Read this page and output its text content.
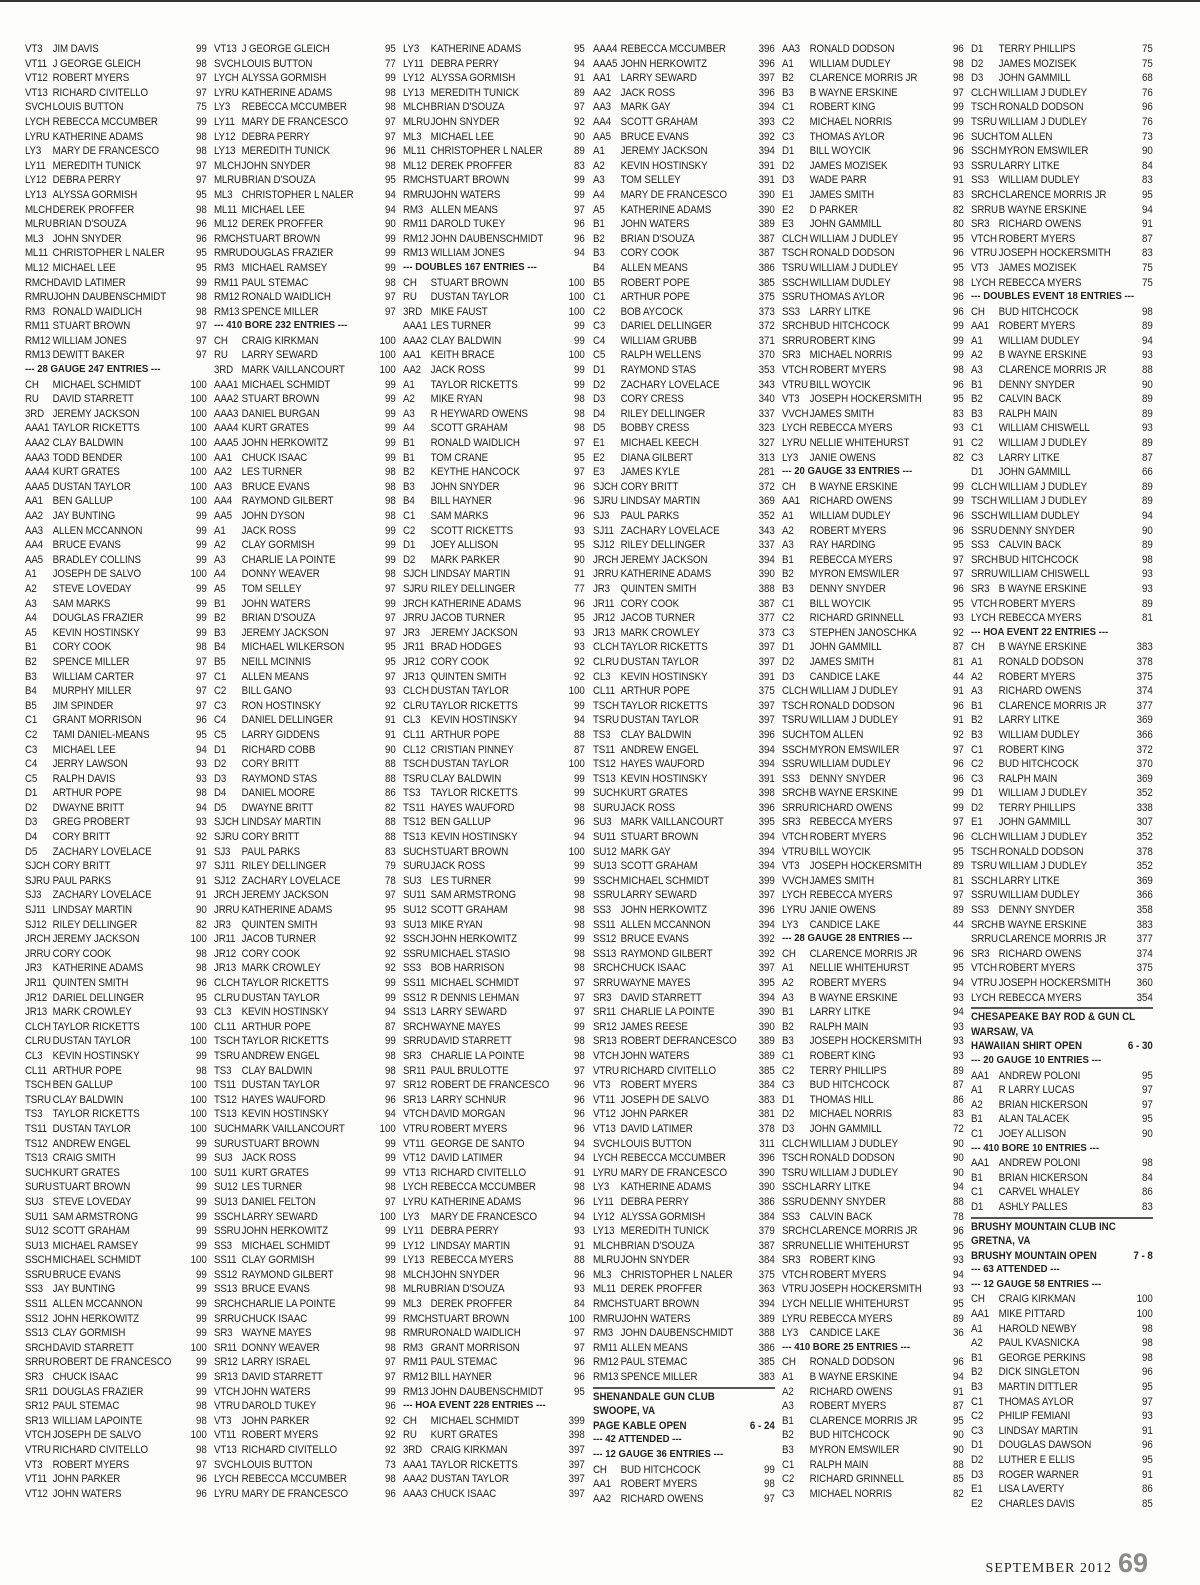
VT3 JIM DAVIS	99
VT11 J GEORGE GLEICH	98
VT12 ROBERT MYERS	97
VT13 RICHARD CIVITELLO	97
SVCH LOUIS BUTTON	75
LYCH REBECCA MCCUMBER	99
LYRU KATHERINE ADAMS	98
LY3	MARY DE FRANCESCO	98
LY11 MEREDITH TUNICK	97
LY12 DEBRA PERRY	97
LY13 ALYSSA GORMISH	95
MLCH DEREK PROFFER	98
MLRU BRIAN D'SOUZA	96
ML3 JOHN SNYDER	96
ML11 CHRISTOPHER L NALER	95
ML12 MICHAEL LEE	95
RMCH DAVID LATIMER	99
RMRU JOHN DAUBENSCHMIDT	98
RM3 RONALD WAIDLICH	98
RM11 STUART BROWN	97
RM12 WILLIAM JONES	97
RM13 DEWITT BAKER	97
--- 28 GAUGE 247 ENTRIES ---
CH	MICHAEL SCHMIDT	100
RU	DAVID STARRETT	100
3RD JEREMY JACKSON	100
AAA1 TAYLOR RICKETTS	100
AAA2 CLAY BALDWIN	100
AAA3 TODD BENDER	100
AAA4 KURT GRATES	100
AAA5 DUSTAN TAYLOR	100
AA1 BEN GALLUP	100
AA2 JAY BUNTING	99
AA3 ALLEN MCCANNON	99
AA4 BRUCE EVANS	99
AA5 BRADLEY COLLINS	99
A1	JOSEPH DE SALVO	100
A2	STEVE LOVEDAY	99
A3	SAM MARKS	99
A4	DOUGLAS FRAZIER	99
A5	KEVIN HOSTINSKY	99
B1	CORY COOK	98
B2	SPENCE MILLER	97
B3	WILLIAM CARTER	97
B4	MURPHY MILLER	97
B5	JIM SPINDER	97
C1	GRANT MORRISON	96
C2	TAMI DANIEL-MEANS	95
C3	MICHAEL LEE	94
C4	JERRY LAWSON	93
C5	RALPH DAVIS	93
D1	ARTHUR POPE	98
D2	DWAYNE BRITT	94
D3	GREG PROBERT	93
D4	CORY BRITT	92
D5	ZACHARY LOVELACE	91
SJCH CORY BRITT	97
SJRU PAUL PARKS	91
SJ3	ZACHARY LOVELACE	91
SJ11 LINDSAY MARTIN	90
SJ12 RILEY DELLINGER	82
JRCH JEREMY JACKSON	100
JRRU CORY COOK	98
JR3	KATHERINE ADAMS	98
JR11 QUINTEN SMITH	96
JR12 DARIEL DELLINGER	95
JR13 MARK CROWLEY	93
CLCH TAYLOR RICKETTS	100
CLRU DUSTAN TAYLOR	100
CL3 KEVIN HOSTINSKY	99
CL11 ARTHUR POPE	98
TSCH BEN GALLUP	100
TSRU CLAY BALDWIN	100
TS3 TAYLOR RICKETTS	100
TS11 DUSTAN TAYLOR	100
TS12 ANDREW ENGEL	99
TS13 CRAIG SMITH	99
SUCH KURT GRATES	100
SURU STUART BROWN	99
SU3 STEVE LOVEDAY	99
SU11 SAM ARMSTRONG	99
SU12 SCOTT GRAHAM	99
SU13 MICHAEL RAMSEY	99
SSCH MICHAEL SCHMIDT	100
SSRU BRUCE EVANS	99
SS3 JAY BUNTING	99
SS11 ALLEN MCCANNON	99
SS12 JOHN HERKOWITZ	99
SS13 CLAY GORMISH	99
SRCH DAVID STARRETT	100
SRRU ROBERT DE FRANCESCO	99
SR3 CHUCK ISAAC	99
SR11 DOUGLAS FRAZIER	99
SR12 PAUL STEMAC	98
SR13 WILLIAM LAPOINTE	98
VTCH JOSEPH DE SALVO	100
VTRU RICHARD CIVITELLO	98
VT3 ROBERT MYERS	97
VT11 JOHN PARKER	96
VT12 JOHN WATERS	96
VT13 J GEORGE GLEICH	95
SVCH LOUIS BUTTON	77
LYCH ALYSSA GORMISH	99
LYRU KATHERINE ADAMS	98
LY3	REBECCA MCCUMBER	98
LY11 MARY DE FRANCESCO	97
LY12 DEBRA PERRY	97
LY13 MEREDITH TUNICK	96
MLCH JOHN SNYDER	98
MLRU BRIAN D'SOUZA	95
ML3 CHRISTOPHER L NALER	94
ML11 MICHAEL LEE	94
ML12 DEREK PROFFER	90
RMCH STUART BROWN	99
RMRU DOUGLAS FRAZIER	99
RM3 MICHAEL RAMSEY	99
RM11 PAUL STEMAC	98
RM12 RONALD WAIDLICH	97
RM13 SPENCE MILLER	97
--- 410 BORE 232 ENTRIES ---
CH	CRAIG KIRKMAN	100
RU	LARRY SEWARD	100
3RD MARK VAILLANCOURT	100
AAA1 MICHAEL SCHMIDT	99
AAA2 STUART BROWN	99
AAA3 DANIEL BURGAN	99
AAA4 KURT GRATES	99
AAA5 JOHN HERKOWITZ	99
AA1 CHUCK ISAAC	99
AA2 LES TURNER	98
AA3 BRUCE EVANS	98
AA4 RAYMOND GILBERT	98
AA5 JOHN DYSON	98
A1	JACK ROSS	99
A2	CLAY GORMISH	99
A3	CHARLIE LA POINTE	99
A4	DONNY WEAVER	98
A5	TOM SELLEY	97
B1	JOHN WATERS	99
B2	BRIAN D'SOUZA	97
B3	JEREMY JACKSON	97
B4	MICHAEL WILKERSON	95
B5	NEILL MCINNIS	95
C1	ALLEN MEANS	97
C2	BILL GANO	93
C3	RON HOSTINSKY	92
C4	DANIEL DELLINGER	91
C5	LARRY GIDDENS	91
D1	RICHARD COBB	90
D2	CORY BRITT	88
D3	RAYMOND STAS	88
D4	DANIEL MOORE	86
D5	DWAYNE BRITT	82
SJCH LINDSAY MARTIN	88
SJRU CORY BRITT	88
SJ3	PAUL PARKS	83
SJ11 RILEY DELLINGER	79
SJ12 ZACHARY LOVELACE	78
JRCH JEREMY JACKSON	97
JRRU KATHERINE ADAMS	95
JR3	QUINTEN SMITH	93
JR11 JACOB TURNER	92
JR12 CORY COOK	92
JR13 MARK CROWLEY	92
CLCH TAYLOR RICKETTS	99
CLRU DUSTAN TAYLOR	99
CL3 KEVIN HOSTINSKY	94
CL11 ARTHUR POPE	87
TSCH TAYLOR RICKETTS	99
TSRU ANDREW ENGEL	98
TS3 CLAY BALDWIN	98
TS11 DUSTAN TAYLOR	97
TS12 HAYES WAUFORD	96
TS13 KEVIN HOSTINSKY	94
SUCH MARK VAILLANCOURT	100
SURU STUART BROWN	99
SU3 JACK ROSS	99
SU11 KURT GRATES	99
SU12 LES TURNER	98
SU13 DANIEL FELTON	97
SSCH LARRY SEWARD	100
SSRU JOHN HERKOWITZ	99
SS3 MICHAEL SCHMIDT	99
SS11 CLAY GORMISH	99
SS12 RAYMOND GILBERT	98
SS13 BRUCE EVANS	98
SRCH CHARLIE LA POINTE	99
SRRU CHUCK ISAAC	99
SR3 WAYNE MAYES	98
SR11 DONNY WEAVER	98
SR12 LARRY ISRAEL	97
SR13 DAVID STARRETT	97
VTCH JOHN WATERS	99
VTRU DAROLD TUKEY	96
VT3 JOHN PARKER	92
VT11 ROBERT MYERS	92
VT13 RICHARD CIVITELLO	92
SVCH LOUIS BUTTON	73
LYCH REBECCA MCCUMBER	98
LYRU MARY DE FRANCESCO	96
LY3	KATHERINE ADAMS	95
LY11 DEBRA PERRY	94
LY12 ALYSSA GORMISH	91
LY13 MEREDITH TUNICK	89
MLCH BRIAN D'SOUZA	97
MLRU JOHN SNYDER	92
ML3 MICHAEL LEE	90
ML11 CHRISTOPHER L NALER	89
ML12 DEREK PROFFER	83
RMCH STUART BROWN	99
RMRU JOHN WATERS	99
RM3 ALLEN MEANS	97
RM11 DAROLD TUKEY	96
RM12 JOHN DAUBENSCHMIDT	96
RM13 WILLIAM JONES	94
--- DOUBLES 167 ENTRIES ---
CH	STUART BROWN	100
RU	DUSTAN TAYLOR	100
3RD MIKE FAUST	100
AAA1 LES TURNER	99
AAA2 CLAY BALDWIN	99
AA1 KEITH BRACE	100
AA2 JACK ROSS	99
A1	TAYLOR RICKETTS	99
A2	MIKE RYAN	98
A3	R HEYWARD OWENS	98
A4	SCOTT GRAHAM	98
B1	RONALD WAIDLICH	97
B1	TOM CRANE	95
B2	KEYTHE HANCOCK	97
B3	JOHN SNYDER	96
B4	BILL HAYNER	96
C1	SAM MARKS	96
C2	SCOTT RICKETTS	93
D1	JOEY ALLISON	95
D2	MARK PARKER	90
SJCH LINDSAY MARTIN	91
SJRU RILEY DELLINGER	77
JRCH KATHERINE ADAMS	96
JRRU JACOB TURNER	95
JR3	JEREMY JACKSON	93
JR11 BRAD HODGES	93
JR12 CORY COOK	92
JR13 QUINTEN SMITH	92
CLCH DUSTAN TAYLOR	100
CLRU TAYLOR RICKETTS	99
CL3 KEVIN HOSTINSKY	94
CL11 ARTHUR POPE	88
CL12 CRISTIAN PINNEY	87
TSCH DUSTAN TAYLOR	100
TSRU CLAY BALDWIN	99
TS3 TAYLOR RICKETTS	99
TS11 HAYES WAUFORD	98
TS12 BEN GALLUP	96
TS13 KEVIN HOSTINSKY	94
SUCH STUART BROWN	100
SURU JACK ROSS	99
SU3 LES TURNER	99
SU11 SAM ARMSTRONG	98
SU12 SCOTT GRAHAM	98
SU13 MIKE RYAN	98
SSCH JOHN HERKOWITZ	99
SSRU MICHAEL STASIO	98
SS3 BOB HARRISON	98
SS11 MICHAEL SCHMIDT	97
SS12 R DENNIS LEHMAN	97
SS13 LARRY SEWARD	97
SRCH WAYNE MAYES	99
SRRU DAVID STARRETT	98
SR3 CHARLIE LA POINTE	98
SR11 PAUL BRULOTTE	97
SR12 ROBERT DE FRANCESCO	96
SR13 LARRY SCHNUR	96
VTCH DAVID MORGAN	96
VTRU ROBERT MYERS	96
VT11 GEORGE DE SANTO	94
VT12 DAVID LATIMER	94
VT13 RICHARD CIVITELLO	91
LYCH REBECCA MCCUMBER	98
LYRU KATHERINE ADAMS	96
LY3	MARY DE FRANCESCO	94
LY11 DEBRA PERRY	93
LY12 LINDSAY MARTIN	91
LY13 REBECCA MYERS	88
MLCH JOHN SNYDER	96
MLRU BRIAN D'SOUZA	93
ML3 DEREK PROFFER	84
RMCH STUART BROWN	100
RMRU RONALD WAIDLICH	97
RM3 GRANT MORRISON	97
RM11 PAUL STEMAC	96
RM12 BILL HAYNER	96
RM13 JOHN DAUBENSCHMIDT	95
--- HOA EVENT 228 ENTRIES ---
CH	MICHAEL SCHMIDT	399
RU	KURT GRATES	398
3RD CRAIG KIRKMAN	397
AAA1 TAYLOR RICKETTS	397
AAA2 DUSTAN TAYLOR	397
AAA3 CHUCK ISAAC	397
AAA4 REBECCA MCCUMBER	396
AAA5 JOHN HERKOWITZ	396
AA1 LARRY SEWARD	397
AA2 JACK ROSS	396
AA3 MARK GAY	394
AA4 SCOTT GRAHAM	393
AA5 BRUCE EVANS	392
A1	JEREMY JACKSON	394
A2	KEVIN HOSTINSKY	391
A3	TOM SELLEY	391
A4	MARY DE FRANCESCO	390
A5	KATHERINE ADAMS	390
B1	JOHN WATERS	389
B2	BRIAN D'SOUZA	387
B3	CORY COOK	387
B4	ALLEN MEANS	386
B5	ROBERT POPE	385
C1	ARTHUR POPE	375
C2	BOB AYCOCK	373
C3	DARIEL DELLINGER	372
C4	WILLIAM GRUBB	371
C5	RALPH WELLENS	370
D1	RAYMOND STAS	353
D2	ZACHARY LOVELACE	343
D3	CORY CRESS	340
D4	RILEY DELLINGER	337
D5	BOBBY CRESS	323
E1	MICHAEL KEECH	327
E2	DIANA GILBERT	313
E3	JAMES KYLE	281
SJCH CORY BRITT	372
SJRU LINDSAY MARTIN	369
SJ3	PAUL PARKS	352
SJ11 ZACHARY LOVELACE	343
SJ12 RILEY DELLINGER	337
JRCH JEREMY JACKSON	394
JRRU KATHERINE ADAMS	390
JR3	QUINTEN SMITH	388
JR11 CORY COOK	387
JR12 JACOB TURNER	377
JR13 MARK CROWLEY	373
CLCH TAYLOR RICKETTS	397
CLRU DUSTAN TAYLOR	397
CL3 KEVIN HOSTINSKY	391
CL11 ARTHUR POPE	375
TSCH TAYLOR RICKETTS	397
TSRU DUSTAN TAYLOR	397
TS3 CLAY BALDWIN	396
TS11 ANDREW ENGEL	394
TS12 HAYES WAUFORD	394
TS13 KEVIN HOSTINSKY	391
SUCH KURT GRATES	398
SURU JACK ROSS	396
SU3 MARK VAILLANCOURT	395
SU11 STUART BROWN	394
SU12 MARK GAY	394
SU13 SCOTT GRAHAM	394
SSCH MICHAEL SCHMIDT	399
SSRU LARRY SEWARD	397
SS3 JOHN HERKOWITZ	396
SS11 ALLEN MCCANNON	394
SS12 BRUCE EVANS	392
SS13 RAYMOND GILBERT	392
SRCH CHUCK ISAAC	397
SRRU WAYNE MAYES	395
SR3 DAVID STARRETT	394
SR11 CHARLIE LA POINTE	390
SR12 JAMES REESE	390
SR13 ROBERT DEFRANCESCO	389
VTCH JOHN WATERS	389
VTRU RICHARD CIVITELLO	385
VT3 ROBERT MYERS	384
VT11 JOSEPH DE SALVO	383
VT12 JOHN PARKER	381
VT13 DAVID LATIMER	378
SVCH LOUIS BUTTON	311
LYCH REBECCA MCCUMBER	396
LYRU MARY DE FRANCESCO	390
LY3	KATHERINE ADAMS	390
LY11 DEBRA PERRY	386
LY12 ALYSSA GORMISH	384
LY13 MEREDITH TUNICK	379
MLCH BRIAN D'SOUZA	387
MLRU JOHN SNYDER	384
ML3 CHRISTOPHER L NALER	375
ML11 DEREK PROFFER	363
RMCH STUART BROWN	394
RMRU JOHN WATERS	389
RM3 JOHN DAUBENSCHMIDT	388
RM11 ALLEN MEANS	386
RM12 PAUL STEMAC	385
RM13 SPENCE MILLER	383
SHENANDALE GUN CLUB
SWOOPE, VA
PAGE KABLE OPEN	6 - 24
--- 42 ATTENDED ---
--- 12 GAUGE 36 ENTRIES ---
CH	BUD HITCHCOCK	99
AA1 ROBERT MYERS	98
AA2 RICHARD OWENS	97
AA3 RONALD DODSON	96
A1	WILLIAM DUDLEY	98
B2	CLARENCE MORRIS JR	98
B3	B WAYNE ERSKINE	97
C1	ROBERT KING	99
C2	MICHAEL NORRIS	99
C3	THOMAS AYLOR	96
D1	BILL WOYCIK	96
D2	JAMES MOZISEK	93
D3	WADE PARR	91
E1	JAMES SMITH	83
E2	D PARKER	82
E3	JOHN GAMMILL	80
CLCH WILLIAM J DUDLEY	95
TSCH RONALD DODSON	96
TSRU WILLIAM J DUDLEY	95
SSCH WILLIAM DUDLEY	98
SSRU THOMAS AYLOR	96
SS3 LARRY LITKE	96
SRCH BUD HITCHCOCK	99
SRRU ROBERT KING	99
SR3 MICHAEL NORRIS	99
VTCH ROBERT MYERS	98
VTRU BILL WOYCIK	96
VT3 JOSEPH HOCKERSMITH	95
VVCH JAMES SMITH	83
LYCH REBECCA MYERS	93
LYRU NELLIE WHITEHURST	91
LY3	JANIE OWENS	82
--- 20 GAUGE 33 ENTRIES ---
CH	B WAYNE ERSKINE	99
AA1 RICHARD OWENS	99
A1	WILLIAM DUDLEY	96
A2	ROBERT MYERS	96
A3	RAY HARDING	95
B1	REBECCA MYERS	97
B2	MYRON EMSWILER	97
B3	DENNY SNYDER	96
C1	BILL WOYCIK	95
C2	RICHARD GRINNELL	93
C3	STEPHEN JANOSCHKA	92
D1	JOHN GAMMILL	87
D2	JAMES SMITH	81
D3	CANDICE LAKE	44
CLCH WILLIAM J DUDLEY	91
TSCH RONALD DODSON	96
TSRU WILLIAM J DUDLEY	91
SUCH TOM ALLEN	92
SSCH MYRON EMSWILER	97
SSRU WILLIAM DUDLEY	96
SS3 DENNY SNYDER	96
SRCH B WAYNE ERSKINE	99
SRRU RICHARD OWENS	99
SR3 REBECCA MYERS	97
VTCH ROBERT MYERS	96
VTRU BILL WOYCIK	95
VT3 JOSEPH HOCKERSMITH	89
VVCH JAMES SMITH	81
LYCH REBECCA MYERS	97
LYRU JANIE OWENS	89
LY3	CANDICE LAKE	44
--- 28 GAUGE 28 ENTRIES ---
CH	CLARENCE MORRIS JR	96
A1	NELLIE WHITEHURST	95
A2	ROBERT MYERS	94
A3	B WAYNE ERSKINE	93
B1	LARRY LITKE	94
B2	RALPH MAIN	93
B3	JOSEPH HOCKERSMITH	93
C1	ROBERT KING	93
C2	TERRY PHILLIPS	89
C3	BUD HITCHCOCK	87
D1	THOMAS HILL	86
D2	MICHAEL NORRIS	83
D3	JOHN GAMMILL	72
CLCH WILLIAM J DUDLEY	90
TSCH RONALD DODSON	90
TSRU WILLIAM J DUDLEY	90
SSCH LARRY LITKE	94
SSRU DENNY SNYDER	88
SS3 CALVIN BACK	78
SRCH CLARENCE MORRIS JR	96
SRRU NELLIE WHITEHURST	95
SR3 ROBERT KING	93
VTCH ROBERT MYERS	94
VTRU JOSEPH HOCKERSMITH	93
LYCH NELLIE WHITEHURST	95
LYRU REBECCA MYERS	89
LY3	CANDICE LAKE	36
--- 410 BORE 25 ENTRIES ---
CH	RONALD DODSON	96
A1	B WAYNE ERSKINE	94
A2	RICHARD OWENS	91
A3	ROBERT MYERS	87
B1	CLARENCE MORRIS JR	95
B2	BUD HITCHCOCK	90
B3	MYRON EMSWILER	90
C1	RALPH MAIN	88
C2	RICHARD GRINNELL	85
C3	MICHAEL NORRIS	82
D1	TERRY PHILLIPS	75
D2	JAMES MOZISEK	75
D3	JOHN GAMMILL	68
CLCH WILLIAM J DUDLEY	76
TSCH RONALD DODSON	96
TSRU WILLIAM J DUDLEY	76
SUCH TOM ALLEN	73
SSCH MYRON EMSWILER	90
SSRU LARRY LITKE	84
SS3 WILLIAM DUDLEY	83
SRCH CLARENCE MORRIS JR	95
SRRU B WAYNE ERSKINE	94
SR3 RICHARD OWENS	91
VTCH ROBERT MYERS	87
VTRU JOSEPH HOCKERSMITH	83
VT3 JAMES MOZISEK	75
LYCH REBECCA MYERS	75
--- DOUBLES EVENT 18 ENTRIES ---
CH	BUD HITCHCOCK	98
AA1 ROBERT MYERS	89
A1	WILLIAM DUDLEY	94
A2	B WAYNE ERSKINE	93
A3	CLARENCE MORRIS JR	88
B1	DENNY SNYDER	90
B2	CALVIN BACK	89
B3	RALPH MAIN	89
C1	WILLIAM CHISWELL	93
C2	WILLIAM J DUDLEY	89
C3	LARRY LITKE	87
D1	JOHN GAMMILL	66
CLCH WILLIAM J DUDLEY	89
TSCH WILLIAM J DUDLEY	89
SSCH WILLIAM DUDLEY	94
SSRU DENNY SNYDER	90
SS3 CALVIN BACK	89
SRCH BUD HITCHCOCK	98
SRRU WILLIAM CHISWELL	93
SR3 B WAYNE ERSKINE	93
VTCH ROBERT MYERS	89
LYCH REBECCA MYERS	81
--- HOA EVENT 22 ENTRIES ---
CH	B WAYNE ERSKINE	383
A1	RONALD DODSON	378
A2	ROBERT MYERS	375
A3	RICHARD OWENS	374
B1	CLARENCE MORRIS JR	377
B2	LARRY LITKE	369
B3	WILLIAM DUDLEY	366
C1	ROBERT KING	372
C2	BUD HITCHCOCK	370
C3	RALPH MAIN	369
D1	WILLIAM J DUDLEY	352
D2	TERRY PHILLIPS	338
E1	JOHN GAMMILL	307
CLCH WILLIAM J DUDLEY	352
TSCH RONALD DODSON	378
TSRU WILLIAM J DUDLEY	352
SSCH LARRY LITKE	369
SSRU WILLIAM DUDLEY	366
SS3 DENNY SNYDER	358
SRCH B WAYNE ERSKINE	383
SRRU CLARENCE MORRIS JR	377
SR3 RICHARD OWENS	374
VTCH ROBERT MYERS	375
VTRU JOSEPH HOCKERSMITH	360
LYCH REBECCA MYERS	354
CHESAPEAKE BAY ROD & GUN CL
WARSAW, VA
HAWAIIAN SHIRT OPEN	6 - 30
--- 20 GAUGE 10 ENTRIES ---
AA1 ANDREW POLONI	95
A1	R LARRY LUCAS	97
A2	BRIAN HICKERSON	97
B1	ALAN TALACEK	95
C1	JOEY ALLISON	90
--- 410 BORE 10 ENTRIES ---
AA1 ANDREW POLONI	98
B1	BRIAN HICKERSON	84
C1	CARVEL WHALEY	86
D1	ASHLY PALLES	83
BRUSHY MOUNTAIN CLUB INC
GRETNA, VA
BRUSHY MOUNTAIN OPEN	7 - 8
--- 63 ATTENDED ---
--- 12 GAUGE 58 ENTRIES ---
CH	CRAIG KIRKMAN	100
AA1 MIKE PITTARD	100
A1	HAROLD NEWBY	98
A2	PAUL KVASNICKA	98
B1	GEORGE PERKINS	98
B2	DICK SINGLETON	96
B3	MARTIN DITTLER	95
C1	THOMAS AYLOR	97
C2	PHILIP FEMIANI	93
C3	LINDSAY MARTIN	91
D1	DOUGLAS DAWSON	96
D2	LUTHER E ELLIS	95
D3	ROGER WARNER	91
E1	LISA LAVERTY	86
E2	CHARLES DAVIS	85
SEPTEMBER 2012 69
